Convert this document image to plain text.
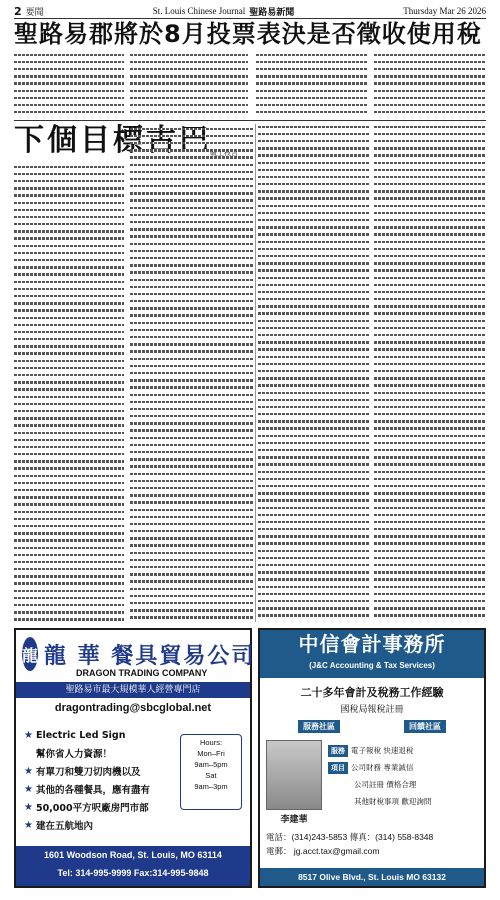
2 要聞	St. Louis Chinese Journal 聖路易新聞	Thursday Mar 26 2026
聖路易郡將於8月投票表決是否徵收使用稅
下個目標古巴
破土枝言
龍 龍 華 餐具貿易公司
DRAGON TRADING COMPANY
聖路易市最大規模華人經營專門店
dragontrading@sbcglobal.net
★ Electric Led Sign
幫你省人力資源！
★ 有單刀和雙刀切肉機以及
★ 其他的各種餐具，應有盡有
★ 50,000平方呎廠房門市部
★ 建在五航地內
Hours:
Mon–Fri
9am–5pm
Sat
9am–3pm
1601 Woodson Road, St. Louis, MO 63114
Tel: 314-995-9999 Fax:314-995-9848
中信會計事務所
(J&C Accounting & Tax Services)
二十多年會計及稅務工作經驗
國稅局報稅註冊
服務社區	回饋社區
李建華
服務 電子報稅 快速退稅
項目 公司財務 專業誠信
公司註冊 價格合理
其他財稅事項 歡迎詢問
電話：(314)243-5853 傳真：(314) 558-8348
電郵： jg.acct.tax@gmail.com
8517 Olive Blvd., St. Louis MO 63132
